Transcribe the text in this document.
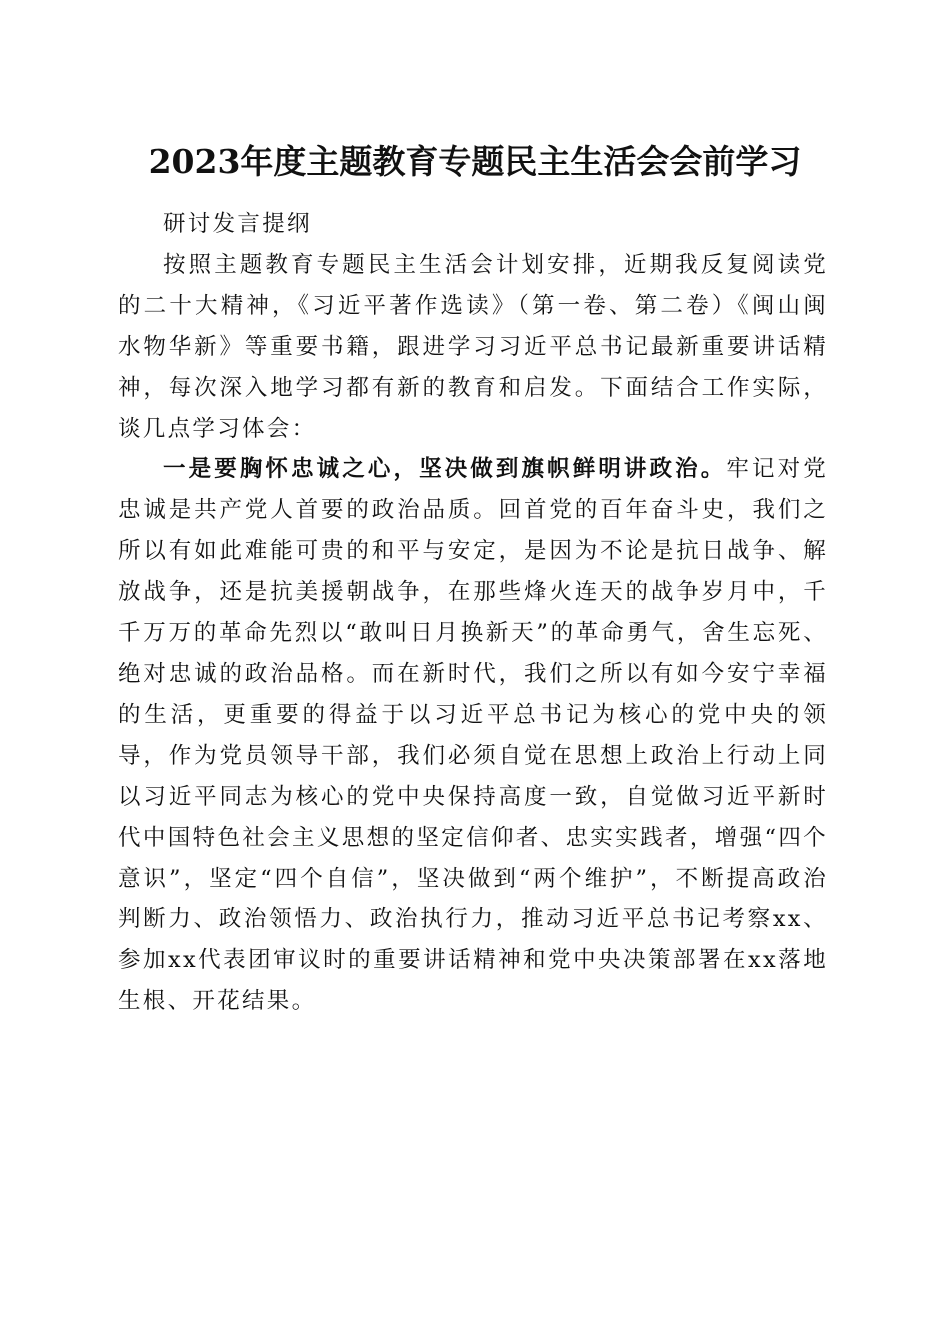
2023年度主题教育专题民主生活会会前学习

研讨发言提纲

按照主题教育专题民主生活会计划安排，近期我反复阅读党的二十大精神，《习近平著作选读》（第一卷、第二卷）《闽山闽水物华新》等重要书籍，跟进学习习近平总书记最新重要讲话精神，每次深入地学习都有新的教育和启发。下面结合工作实际，谈几点学习体会：

一是要胸怀忠诚之心，坚决做到旗帜鲜明讲政治。牢记对党忠诚是共产党人首要的政治品质。回首党的百年奋斗史，我们之所以有如此难能可贵的和平与安定，是因为不论是抗日战争、解放战争，还是抗美援朝战争，在那些烽火连天的战争岁月中，千千万万的革命先烈以“敢叫日月换新天”的革命勇气，舍生忘死、绝对忠诚的政治品格。而在新时代，我们之所以有如今安宁幸福的生活，更重要的得益于以习近平总书记为核心的党中央的领导，作为党员领导干部，我们必须自觉在思想上政治上行动上同以习近平同志为核心的党中央保持高度一致，自觉做习近平新时代中国特色社会主义思想的坚定信仰者、忠实实践者，增强“四个意识”，坚定“四个自信”，坚决做到“两个维护”，不断提高政治判断力、政治领悟力、政治执行力，推动习近平总书记考察xx、参加xx代表团审议时的重要讲话精神和党中央决策部署在xx落地生根、开花结果。
